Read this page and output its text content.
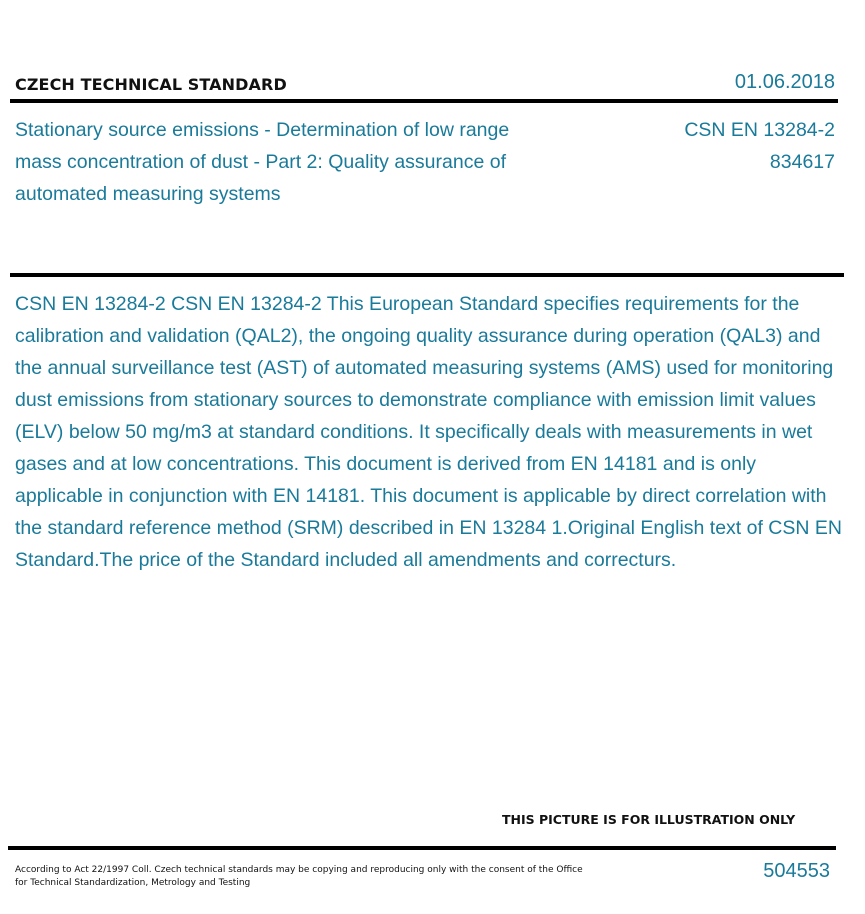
CZECH TECHNICAL STANDARD	01.06.2018
Stationary source emissions - Determination of low range mass concentration of dust - Part 2: Quality assurance of automated measuring systems
CSN EN 13284-2
834617
CSN EN 13284-2 CSN EN 13284-2 This European Standard specifies requirements for the calibration and validation (QAL2), the ongoing quality assurance during operation (QAL3) and the annual surveillance test (AST) of automated measuring systems (AMS) used for monitoring dust emissions from stationary sources to demonstrate compliance with emission limit values (ELV) below 50 mg/m3 at standard conditions. It specifically deals with measurements in wet gases and at low concentrations. This document is derived from EN 14181 and is only applicable in conjunction with EN 14181. This document is applicable by direct correlation with the standard reference method (SRM) described in EN 13284 1.Original English text of CSN EN Standard.The price of the Standard included all amendments and correcturs.
THIS PICTURE IS FOR ILLUSTRATION ONLY
According to Act 22/1997 Coll. Czech technical standards may be copying and reproducing only with the consent of the Office for Technical Standardization, Metrology and Testing
504553
